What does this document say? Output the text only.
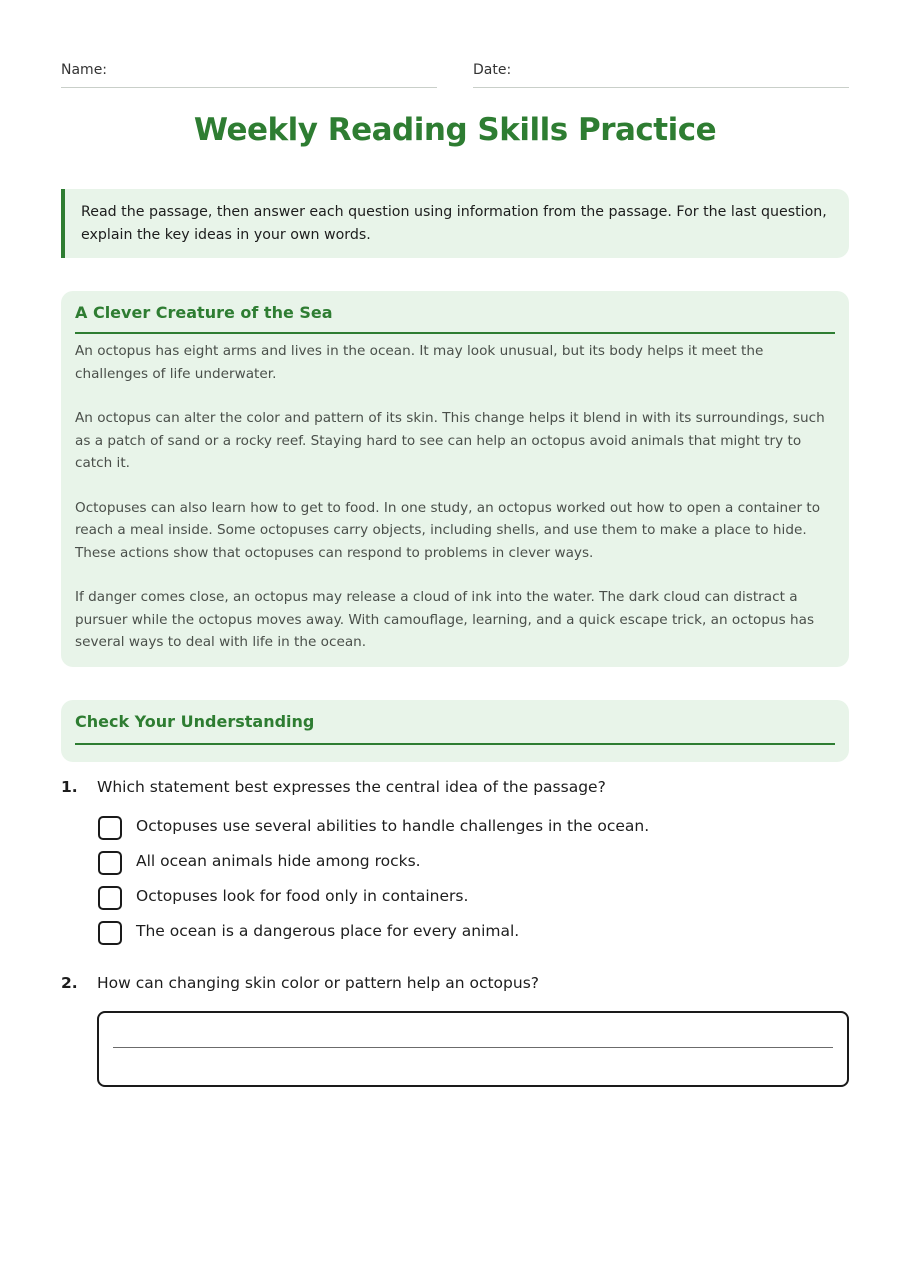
Name:	Date:
Weekly Reading Skills Practice
Read the passage, then answer each question using information from the passage. For the last question, explain the key ideas in your own words.
A Clever Creature of the Sea

An octopus has eight arms and lives in the ocean. It may look unusual, but its body helps it meet the challenges of life underwater.

An octopus can alter the color and pattern of its skin. This change helps it blend in with its surroundings, such as a patch of sand or a rocky reef. Staying hard to see can help an octopus avoid animals that might try to catch it.

Octopuses can also learn how to get to food. In one study, an octopus worked out how to open a container to reach a meal inside. Some octopuses carry objects, including shells, and use them to make a place to hide. These actions show that octopuses can respond to problems in clever ways.

If danger comes close, an octopus may release a cloud of ink into the water. The dark cloud can distract a pursuer while the octopus moves away. With camouflage, learning, and a quick escape trick, an octopus has several ways to deal with life in the ocean.

Check Your Understanding
1. Which statement best expresses the central idea of the passage?
Octopuses use several abilities to handle challenges in the ocean.
All ocean animals hide among rocks.
Octopuses look for food only in containers.
The ocean is a dangerous place for every animal.
2. How can changing skin color or pattern help an octopus?
